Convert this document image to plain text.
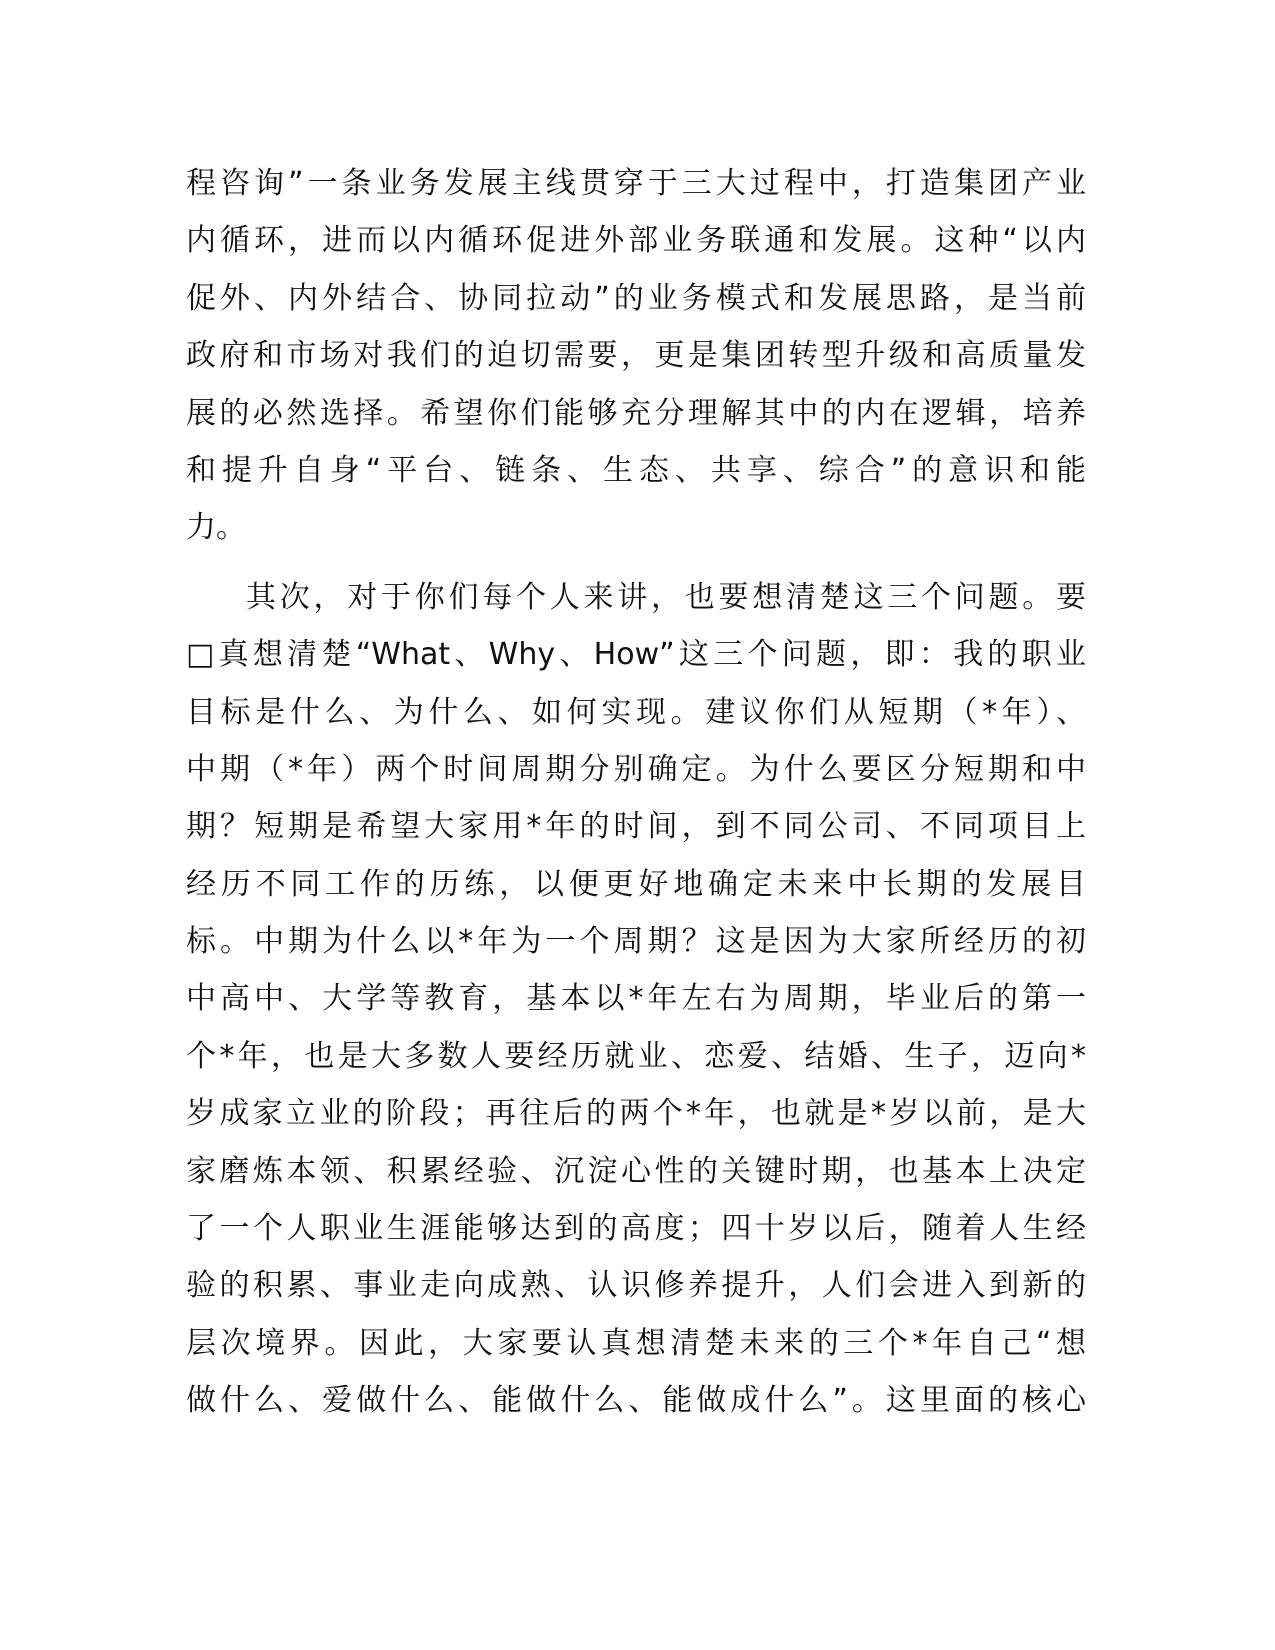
程咨询”一条业务发展主线贯穿于三大过程中，打造集团产业
内循环，进而以内循环促进外部业务联通和发展。这种“以内
促外、内外结合、协同拉动”的业务模式和发展思路，是当前
政府和市场对我们的迫切需要，更是集团转型升级和高质量发
展的必然选择。希望你们能够充分理解其中的内在逻辑，培养
和提升自身“平台、链条、生态、共享、综合”的意识和能
力。
其次，对于你们每个人来讲，也要想清楚这三个问题。要
□真想清楚“What、Why、How”这三个问题，即：我的职业
目标是什么、为什么、如何实现。建议你们从短期（*年）、
中期（*年）两个时间周期分别确定。为什么要区分短期和中
期？短期是希望大家用*年的时间，到不同公司、不同项目上
经历不同工作的历练，以便更好地确定未来中长期的发展目
标。中期为什么以*年为一个周期？这是因为大家所经历的初
中高中、大学等教育，基本以*年左右为周期，毕业后的第一
个*年，也是大多数人要经历就业、恋爱、结婚、生子，迈向*
岁成家立业的阶段；再往后的两个*年，也就是*岁以前，是大
家磨炼本领、积累经验、沉淀心性的关键时期，也基本上决定
了一个人职业生涯能够达到的高度；四十岁以后，随着人生经
验的积累、事业走向成熟、认识修养提升，人们会进入到新的
层次境界。因此，大家要认真想清楚未来的三个*年自己“想
做什么、爱做什么、能做什么、能做成什么”。这里面的核心
